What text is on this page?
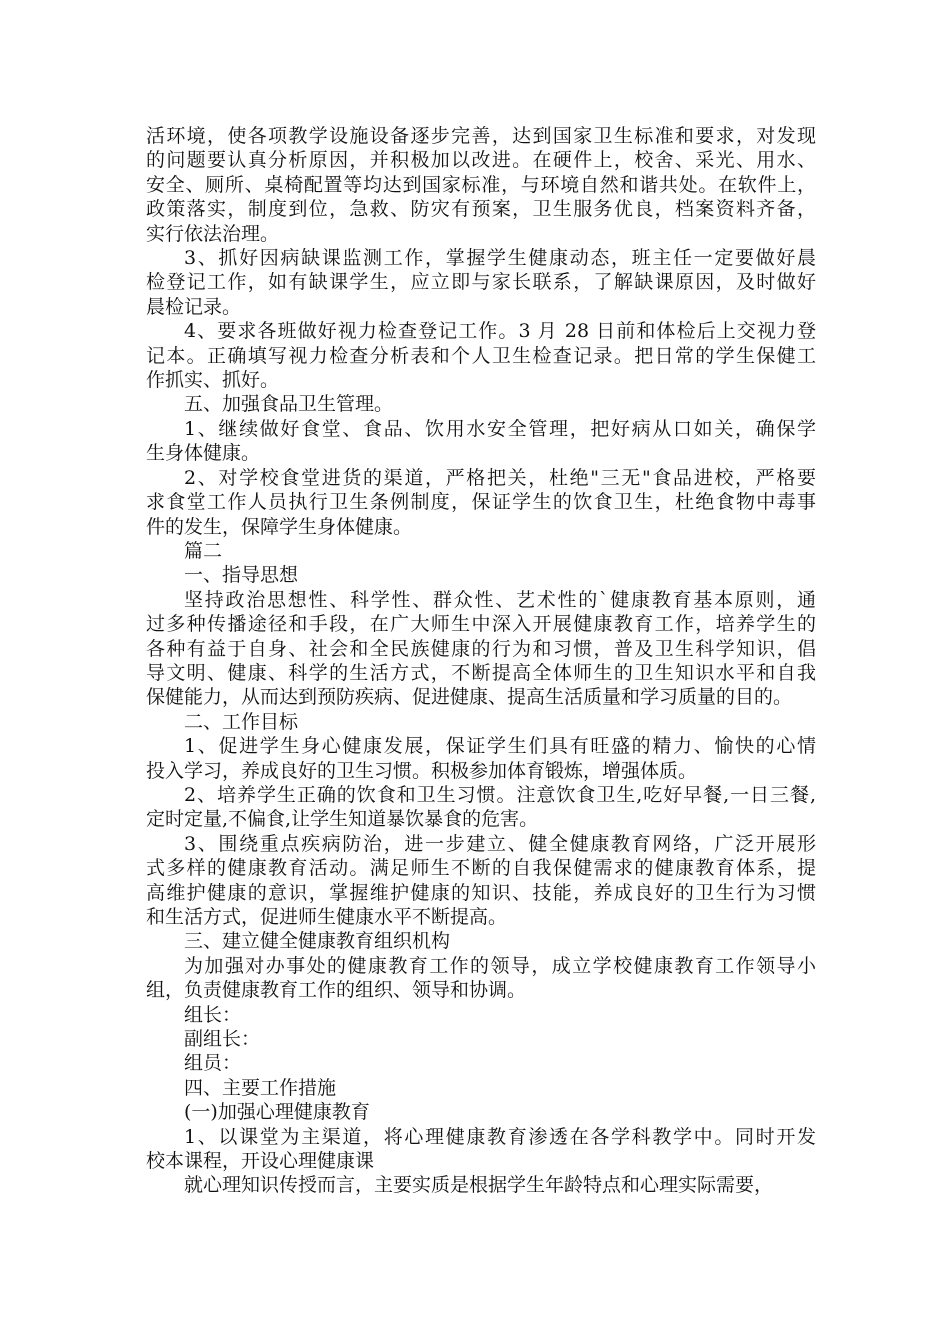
活环境，使各项教学设施设备逐步完善，达到国家卫生标准和要求，对发现
的问题要认真分析原因，并积极加以改进。在硬件上，校舍、采光、用水、
安全、厕所、桌椅配置等均达到国家标准，与环境自然和谐共处。在软件上，
政策落实，制度到位，急救、防灾有预案，卫生服务优良，档案资料齐备，
实行依法治理。
3、抓好因病缺课监测工作，掌握学生健康动态，班主任一定要做好晨
检登记工作，如有缺课学生，应立即与家长联系，了解缺课原因，及时做好
晨检记录。
4、要求各班做好视力检查登记工作。3 月 28 日前和体检后上交视力登
记本。正确填写视力检查分析表和个人卫生检查记录。把日常的学生保健工
作抓实、抓好。
五、加强食品卫生管理。
1、继续做好食堂、食品、饮用水安全管理，把好病从口如关，确保学
生身体健康。
2、对学校食堂进货的渠道，严格把关，杜绝"三无"食品进校，严格要
求食堂工作人员执行卫生条例制度，保证学生的饮食卫生，杜绝食物中毒事
件的发生，保障学生身体健康。
篇二
一、指导思想
坚持政治思想性、科学性、群众性、艺术性的`健康教育基本原则，通
过多种传播途径和手段，在广大师生中深入开展健康教育工作，培养学生的
各种有益于自身、社会和全民族健康的行为和习惯，普及卫生科学知识，倡
导文明、健康、科学的生活方式，不断提高全体师生的卫生知识水平和自我
保健能力，从而达到预防疾病、促进健康、提高生活质量和学习质量的目的。
二、工作目标
1、促进学生身心健康发展，保证学生们具有旺盛的精力、愉快的心情
投入学习，养成良好的卫生习惯。积极参加体育锻炼，增强体质。
2、培养学生正确的饮食和卫生习惯。注意饮食卫生,吃好早餐,一日三餐,
定时定量,不偏食,让学生知道暴饮暴食的危害。
3、围绕重点疾病防治，进一步建立、健全健康教育网络，广泛开展形
式多样的健康教育活动。满足师生不断的自我保健需求的健康教育体系，提
高维护健康的意识，掌握维护健康的知识、技能，养成良好的卫生行为习惯
和生活方式，促进师生健康水平不断提高。
三、建立健全健康教育组织机构
为加强对办事处的健康教育工作的领导，成立学校健康教育工作领导小
组，负责健康教育工作的组织、领导和协调。
组长：
副组长：
组员：
四、主要工作措施
(一)加强心理健康教育
1、以课堂为主渠道，将心理健康教育渗透在各学科教学中。同时开发
校本课程，开设心理健康课
就心理知识传授而言，主要实质是根据学生年龄特点和心理实际需要，
